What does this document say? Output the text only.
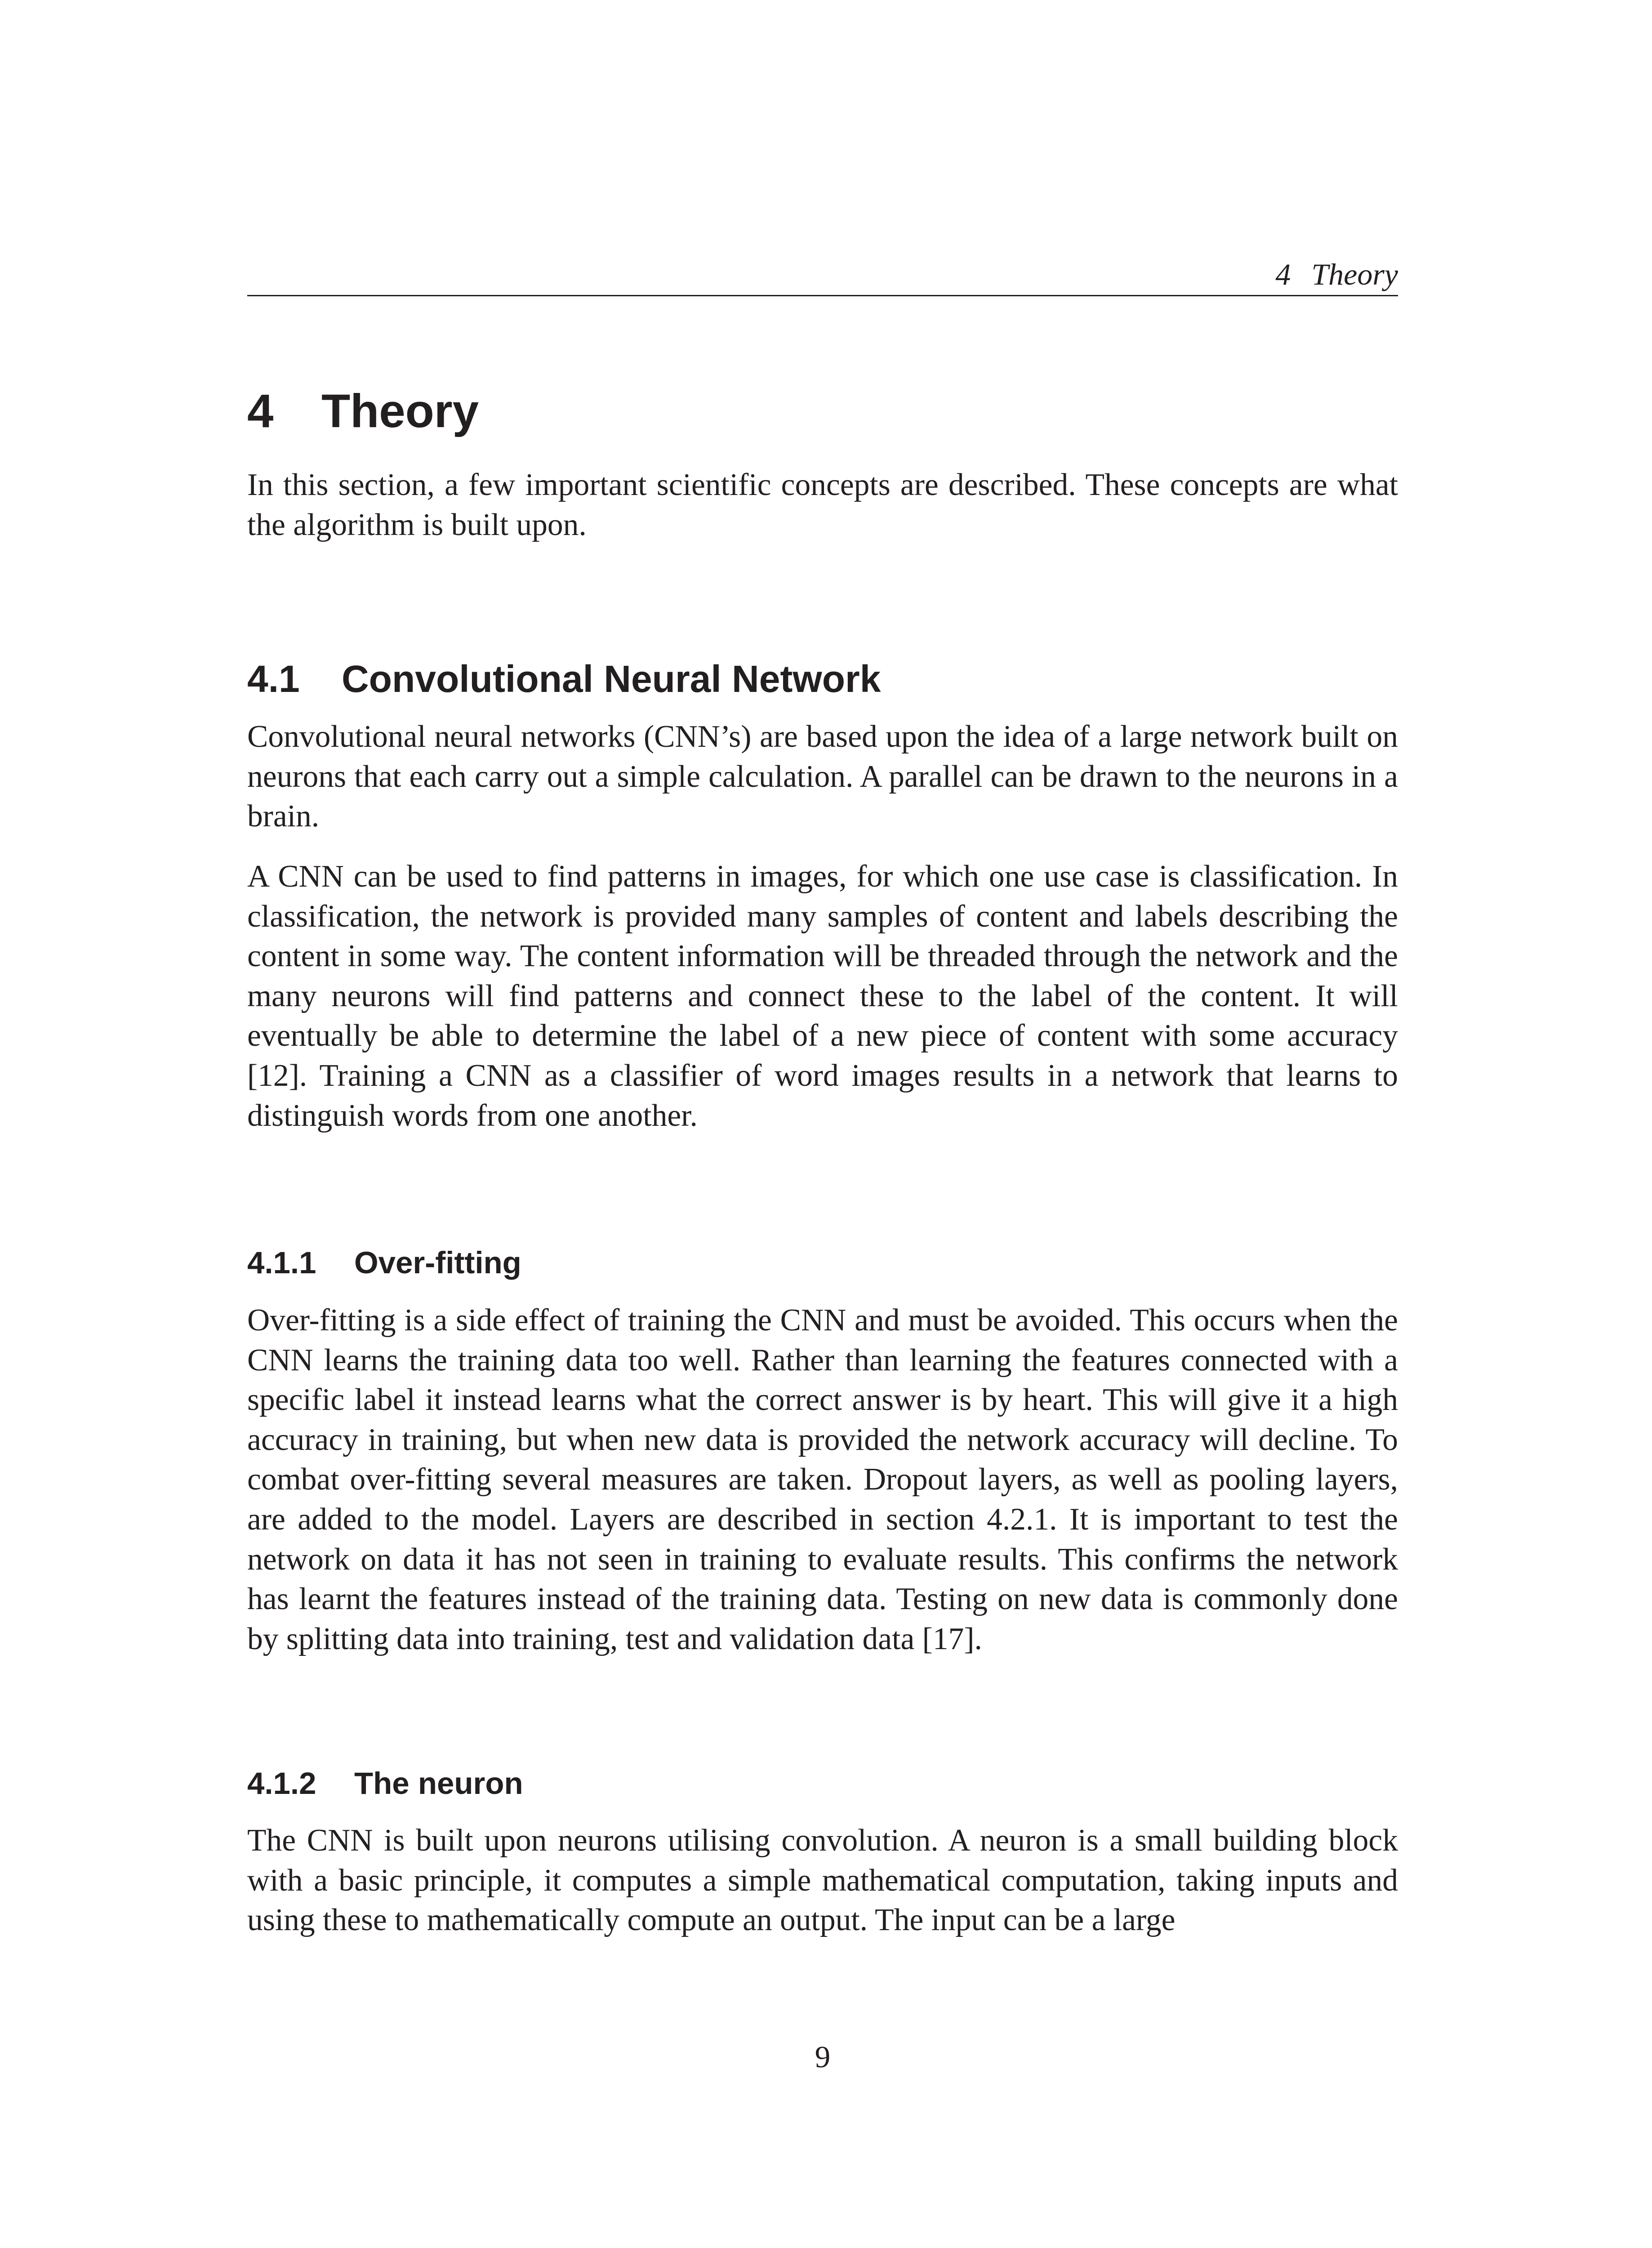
4 Theory
4 Theory

In this section, a few important scientific concepts are described. These concepts are what the algorithm is built upon.

4.1 Convolutional Neural Network

Convolutional neural networks (CNN’s) are based upon the idea of a large network built on neurons that each carry out a simple calculation. A parallel can be drawn to the neurons in a brain.

A CNN can be used to find patterns in images, for which one use case is classification. In classification, the network is provided many samples of content and labels describing the content in some way. The content information will be threaded through the network and the many neurons will find patterns and connect these to the label of the content. It will eventually be able to determine the label of a new piece of content with some accuracy [12]. Training a CNN as a classifier of word images results in a network that learns to distinguish words from one another.

4.1.1 Over-fitting

Over-fitting is a side effect of training the CNN and must be avoided. This occurs when the CNN learns the training data too well. Rather than learning the features connected with a specific label it instead learns what the correct answer is by heart. This will give it a high accuracy in training, but when new data is provided the network accuracy will decline. To combat over-fitting several measures are taken. Dropout layers, as well as pooling layers, are added to the model. Layers are described in section 4.2.1. It is important to test the network on data it has not seen in training to evaluate results. This confirms the network has learnt the features instead of the training data. Testing on new data is commonly done by splitting data into training, test and validation data [17].

4.1.2 The neuron

The CNN is built upon neurons utilising convolution. A neuron is a small building block with a basic principle, it computes a simple mathematical computation, taking inputs and using these to mathematically compute an output. The input can be a large

9
